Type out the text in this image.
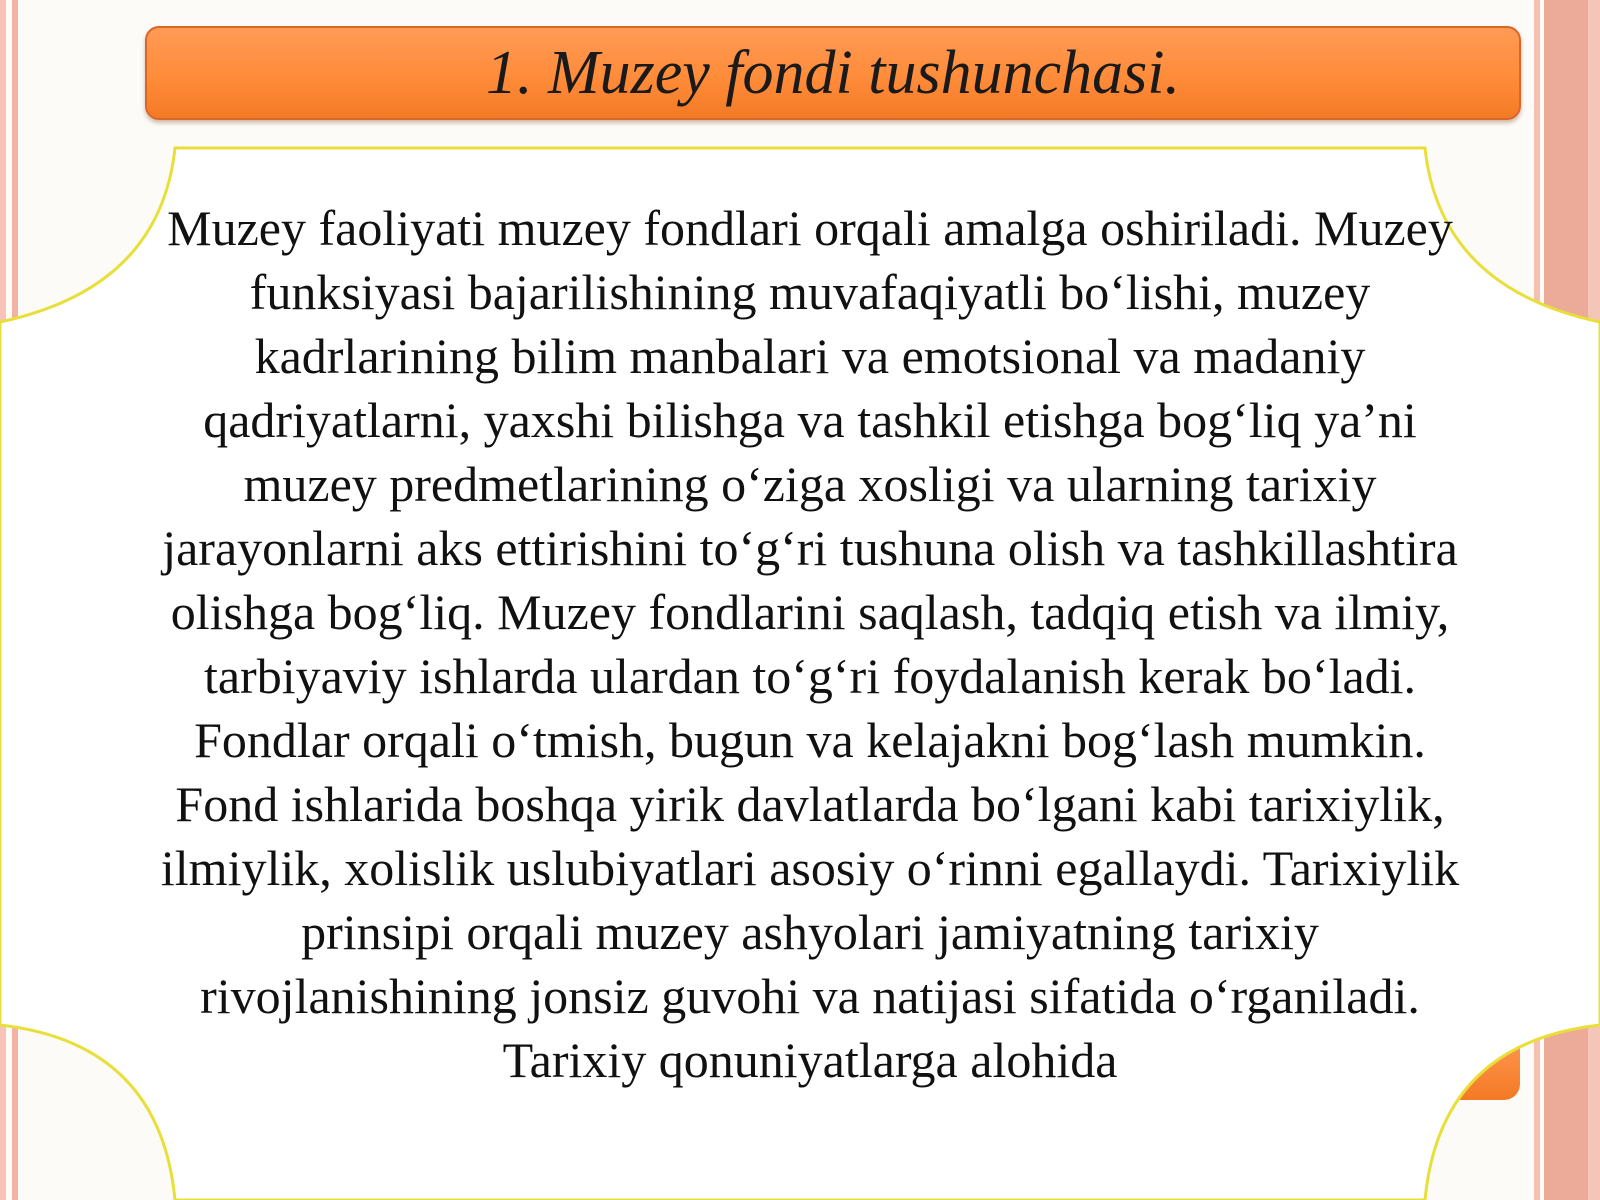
1. Muzey fondi tushunchasi.
Muzey faoliyati muzey fondlari orqali amalga oshiriladi. Muzey funksiyasi bajarilishining muvafaqiyatli bo‘lishi, muzey kadrlarining bilim manbalari va emotsional va madaniy qadriyatlarni, yaxshi bilishga va tashkil etishga bog‘liq ya’ni muzey predmetlarining o‘ziga xosligi va ularning tarixiy jarayonlarni aks ettirishini to‘g‘ri tushuna olish va tashkillashtira olishga bog‘liq. Muzey fondlarini saqlash, tadqiq etish va ilmiy, tarbiyaviy ishlarda ulardan to‘g‘ri foydalanish kerak bo‘ladi. Fondlar orqali o‘tmish, bugun va kelajakni bog‘lash mumkin. Fond ishlarida boshqa yirik davlatlarda bo‘lgani kabi tarixiylik, ilmiylik, xolislik uslubiyatlari asosiy o‘rinni egallaydi. Tarixiylik prinsipi orqali muzey ashyolari jamiyatning tarixiy rivojlanishining jonsiz guvohi va natijasi sifatida o‘rganiladi. Tarixiy qonuniyatlarga alohida
